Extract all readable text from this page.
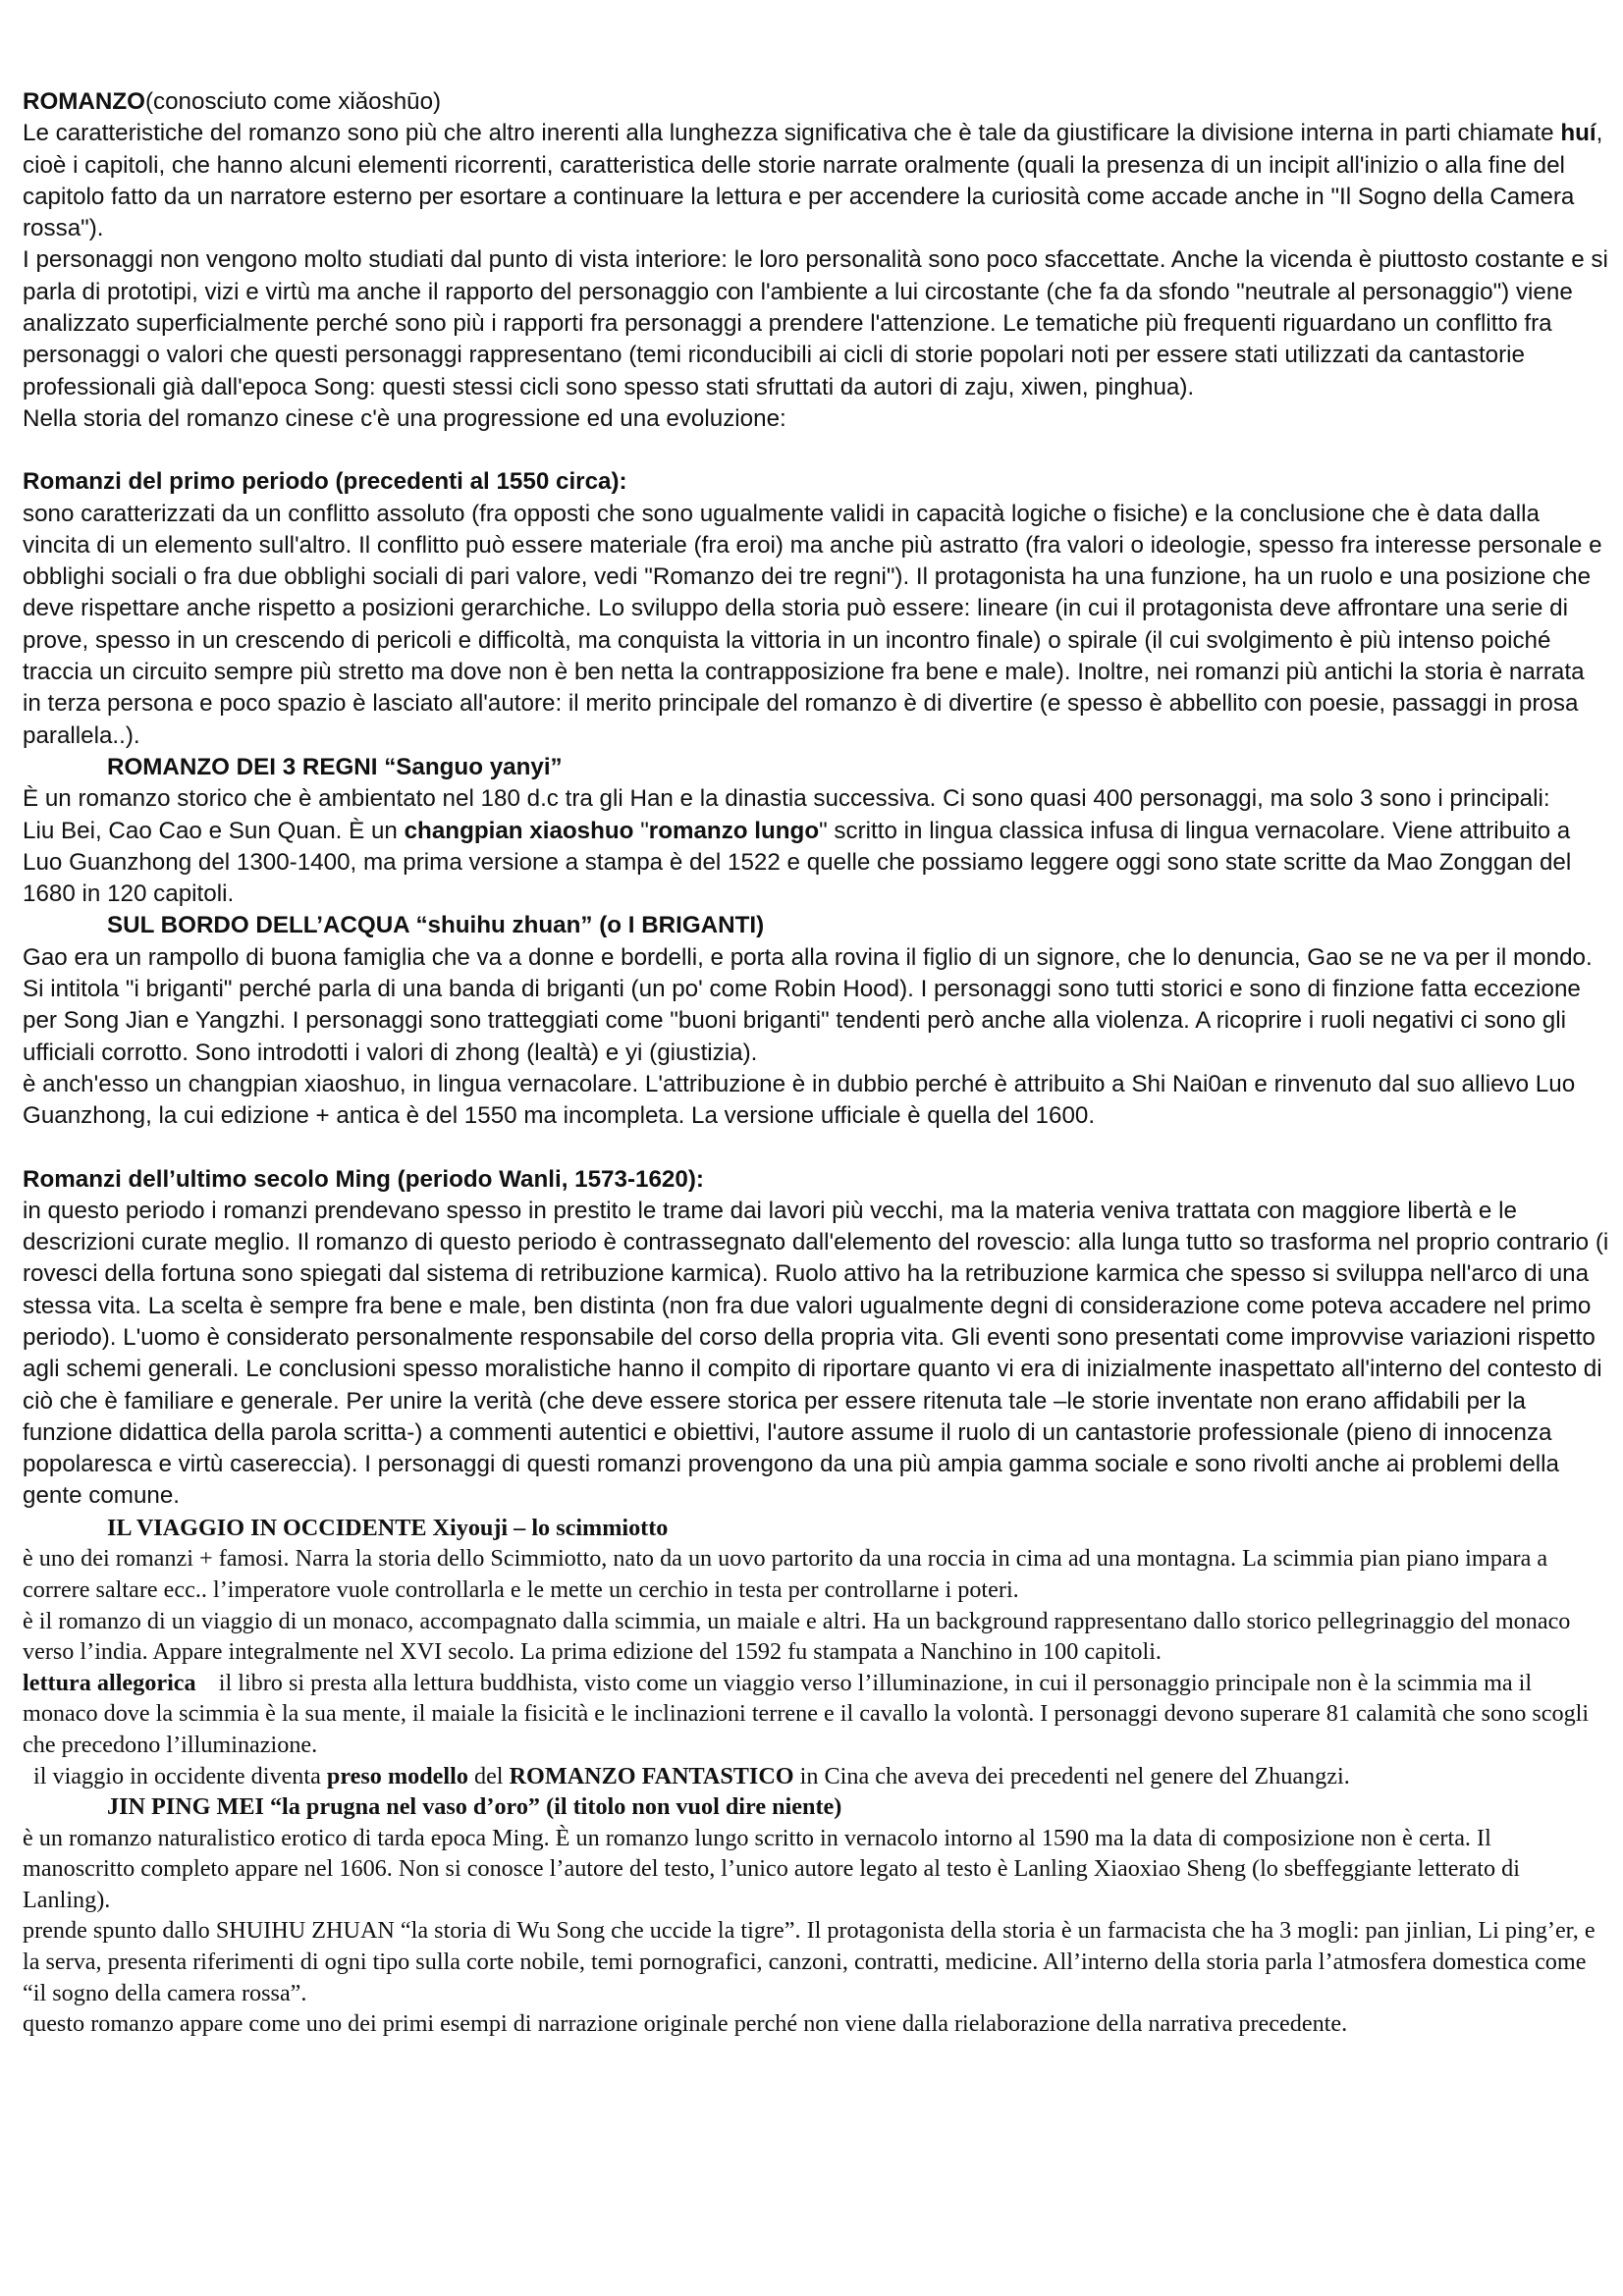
ROMANZO(conosciuto come xiǎoshūo)

Le caratteristiche del romanzo sono più che altro inerenti alla lunghezza significativa che è tale da giustificare la divisione interna in parti chiamate huí, cioè i capitoli, che hanno alcuni elementi ricorrenti, caratteristica delle storie narrate oralmente (quali la presenza di un incipit all'inizio o alla fine del capitolo fatto da un narratore esterno per esortare a continuare la lettura e per accendere la curiosità come accade anche in "Il Sogno della Camera rossa").

I personaggi non vengono molto studiati dal punto di vista interiore: le loro personalità sono poco sfaccettate. Anche la vicenda è piuttosto costante e si parla di prototipi, vizi e virtù ma anche il rapporto del personaggio con l'ambiente a lui circostante (che fa da sfondo "neutrale al personaggio") viene analizzato superficialmente perché sono più i rapporti fra personaggi a prendere l'attenzione. Le tematiche più frequenti riguardano un conflitto fra personaggi o valori che questi personaggi rappresentano (temi riconducibili ai cicli di storie popolari noti per essere stati utilizzati da cantastorie professionali già dall'epoca Song: questi stessi cicli sono spesso stati sfruttati da autori di zaju, xiwen, pinghua).

Nella storia del romanzo cinese c'è una progressione ed una evoluzione:

Romanzi del primo periodo (precedenti al 1550 circa):

sono caratterizzati da un conflitto assoluto (fra opposti che sono ugualmente validi in capacità logiche o fisiche) e la conclusione che è data dalla vincita di un elemento sull'altro. Il conflitto può essere materiale (fra eroi) ma anche più astratto (fra valori o ideologie, spesso fra interesse personale e obblighi sociali o fra due obblighi sociali di pari valore, vedi "Romanzo dei tre regni"). Il protagonista ha una funzione, ha un ruolo e una posizione che deve rispettare anche rispetto a posizioni gerarchiche. Lo sviluppo della storia può essere: lineare (in cui il protagonista deve affrontare una serie di prove, spesso in un crescendo di pericoli e difficoltà, ma conquista la vittoria in un incontro finale) o spirale (il cui svolgimento è più intenso poiché traccia un circuito sempre più stretto ma dove non è ben netta la contrapposizione fra bene e male). Inoltre, nei romanzi più antichi la storia è narrata in terza persona e poco spazio è lasciato all'autore: il merito principale del romanzo è di divertire (e spesso è abbellito con poesie, passaggi in prosa parallela..).

ROMANZO DEI 3 REGNI “Sanguo yanyi”

È un romanzo storico che è ambientato nel 180 d.c tra gli Han e la dinastia successiva. Ci sono quasi 400 personaggi, ma solo 3 sono i principali:

Liu Bei, Cao Cao e Sun Quan. È un changpian xiaoshuo "romanzo lungo" scritto in lingua classica infusa di lingua vernacolare. Viene attribuito a Luo Guanzhong del 1300-1400, ma prima versione a stampa è del 1522 e quelle che possiamo leggere oggi sono state scritte da Mao Zonggan del 1680 in 120 capitoli.

SUL BORDO DELL’ACQUA “shuihu zhuan” (o I BRIGANTI)

Gao era un rampollo di buona famiglia che va a donne e bordelli, e porta alla rovina il figlio di un signore, che lo denuncia, Gao se ne va per il mondo. Si intitola "i briganti" perché parla di una banda di briganti (un po' come Robin Hood). I personaggi sono tutti storici e sono di finzione fatta eccezione per Song Jian e Yangzhi. I personaggi sono tratteggiati come "buoni briganti" tendenti però anche alla violenza. A ricoprire i ruoli negativi ci sono gli ufficiali corrotto. Sono introdotti i valori di zhong (lealtà) e yi (giustizia).

è anch'esso un changpian xiaoshuo, in lingua vernacolare. L'attribuzione è in dubbio perché è attribuito a Shi Nai0an e rinvenuto dal suo allievo Luo Guanzhong, la cui edizione + antica è del 1550 ma incompleta. La versione ufficiale è quella del 1600.

Romanzi dell’ultimo secolo Ming (periodo Wanli, 1573-1620):

in questo periodo i romanzi prendevano spesso in prestito le trame dai lavori più vecchi, ma la materia veniva trattata con maggiore libertà e le descrizioni curate meglio. Il romanzo di questo periodo è contrassegnato dall'elemento del rovescio: alla lunga tutto so trasforma nel proprio contrario (i rovesci della fortuna sono spiegati dal sistema di retribuzione karmica). Ruolo attivo ha la retribuzione karmica che spesso si sviluppa nell'arco di una stessa vita. La scelta è sempre fra bene e male, ben distinta (non fra due valori ugualmente degni di considerazione come poteva accadere nel primo periodo). L'uomo è considerato personalmente responsabile del corso della propria vita. Gli eventi sono presentati come improvvise variazioni rispetto agli schemi generali. Le conclusioni spesso moralistiche hanno il compito di riportare quanto vi era di inizialmente inaspettato all'interno del contesto di ciò che è familiare e generale. Per unire la verità (che deve essere storica per essere ritenuta tale –le storie inventate non erano affidabili per la funzione didattica della parola scritta-) a commenti autentici e obiettivi, l'autore assume il ruolo di un cantastorie professionale (pieno di innocenza popolaresca e virtù casereccia). I personaggi di questi romanzi provengono da una più ampia gamma sociale e sono rivolti anche ai problemi della gente comune.

IL VIAGGIO IN OCCIDENTE Xiyouji – lo scimmiotto

è uno dei romanzi + famosi. Narra la storia dello Scimmiotto, nato da un uovo partorito da una roccia in cima ad una montagna. La scimmia pian piano impara a correre saltare ecc.. l’imperatore vuole controllarla e le mette un cerchio in testa per controllarne i poteri.

è il romanzo di un viaggio di un monaco, accompagnato dalla scimmia, un maiale e altri. Ha un background rappresentano dallo storico pellegrinaggio del monaco verso l’india. Appare integralmente nel XVI secolo. La prima edizione del 1592 fu stampata a Nanchino in 100 capitoli.

lettura allegorica  il libro si presta alla lettura buddhista, visto come un viaggio verso l’illuminazione, in cui il personaggio principale non è la scimmia ma il monaco dove la scimmia è la sua mente, il maiale la fisicità e le inclinazioni terrene e il cavallo la volontà. I personaggi devono superare 81 calamità che sono scogli che precedono l’illuminazione.

il viaggio in occidente diventa preso modello del ROMANZO FANTASTICO in Cina che aveva dei precedenti nel genere del Zhuangzi.

JIN PING MEI “la prugna nel vaso d’oro” (il titolo non vuol dire niente)

è un romanzo naturalistico erotico di tarda epoca Ming. È un romanzo lungo scritto in vernacolo intorno al 1590 ma la data di composizione non è certa. Il manoscritto completo appare nel 1606. Non si conosce l’autore del testo, l’unico autore legato al testo è Lanling Xiaoxiao Sheng (lo sbeffeggiante letterato di Lanling).

prende spunto dallo SHUIHU ZHUAN “la storia di Wu Song che uccide la tigre”. Il protagonista della storia è un farmacista che ha 3 mogli: pan jinlian, Li ping’er, e la serva, presenta riferimenti di ogni tipo sulla corte nobile, temi pornografici, canzoni, contratti, medicine. All’interno della storia parla l’atmosfera domestica come “il sogno della camera rossa”.

questo romanzo appare come uno dei primi esempi di narrazione originale perché non viene dalla rielaborazione della narrativa precedente.
